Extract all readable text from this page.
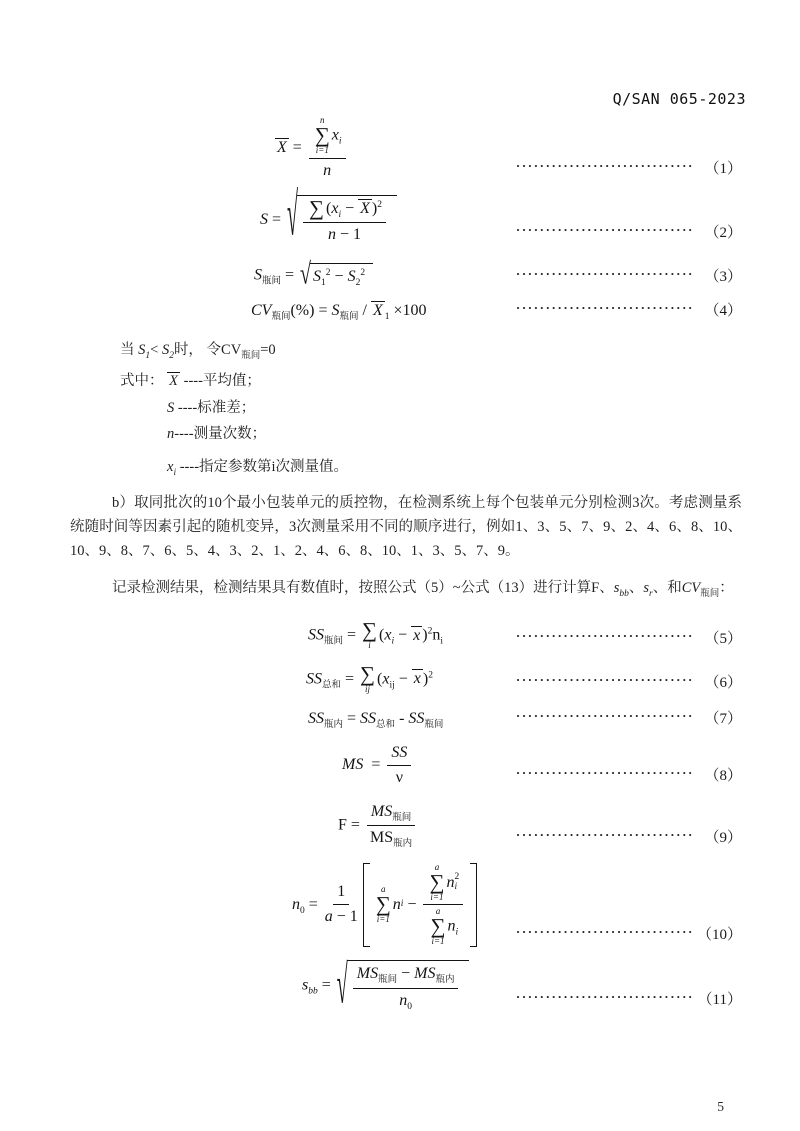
Q/SAN 065-2023
X = n
∑
i=1
$x_i$
n	······························ （1）
S = √ $\frac{\sum (x_i - X )^2}{n - 1}$	······························ （2）
$S_{瓶间}$ = √ $S_1^2 - S_2^2$	······························ （3）
$CV_{瓶间}(\%) = S_{瓶间} / X$ $_1$ ×100	······························ （4）
当 $S_1< S_2$时， 令$CV_{瓶间}=0$
式中： X ----平均值；
S ----标准差；
n----测量次数；
$x_i$ ----指定参数第i次测量值。
b）取同批次的10个最小包装单元的质控物，在检测系统上每个包装单元分别检测3次。考虑测量系统随时间等因素引起的随机变异，3次测量采用不同的顺序进行，例如1、3、5、7、9、2、4、6、8、10、10、9、8、7、6、5、4、3、2、1、2、4、6、8、10、1、3、5、7、9。
记录检测结果，检测结果具有数值时，按照公式（5）~公式（13）进行计算F、$s_{bb}$、$s_r$、和$CV_{瓶间}$：
$SS_{瓶间}$ = ∑
i
($x_i - x$ )$^2n_i$	······························ （5）
$SS_{总和}$ = ∑
ij
($x_{ij} - x$ )$^2$	······························ （6）
$SS_{瓶内} = SS_{总和} - SS_{瓶间}$
······························ （7）
MS  = $\frac{SS}{\nu}$	······························ （8）
F =
$MS_{瓶间}$
$MS_{瓶内}$
······························ （9）
$n_0 = \frac{1}{a - 1}$	a
∑
i=1
n i − a
∑
i=1
n 2
i
a
∑
i=1
$n_i$	······························ （10）
$s_{bb}$ = √ $MS_{瓶间} - MS_{瓶内}$
$n_0$
······························ （11）
5
